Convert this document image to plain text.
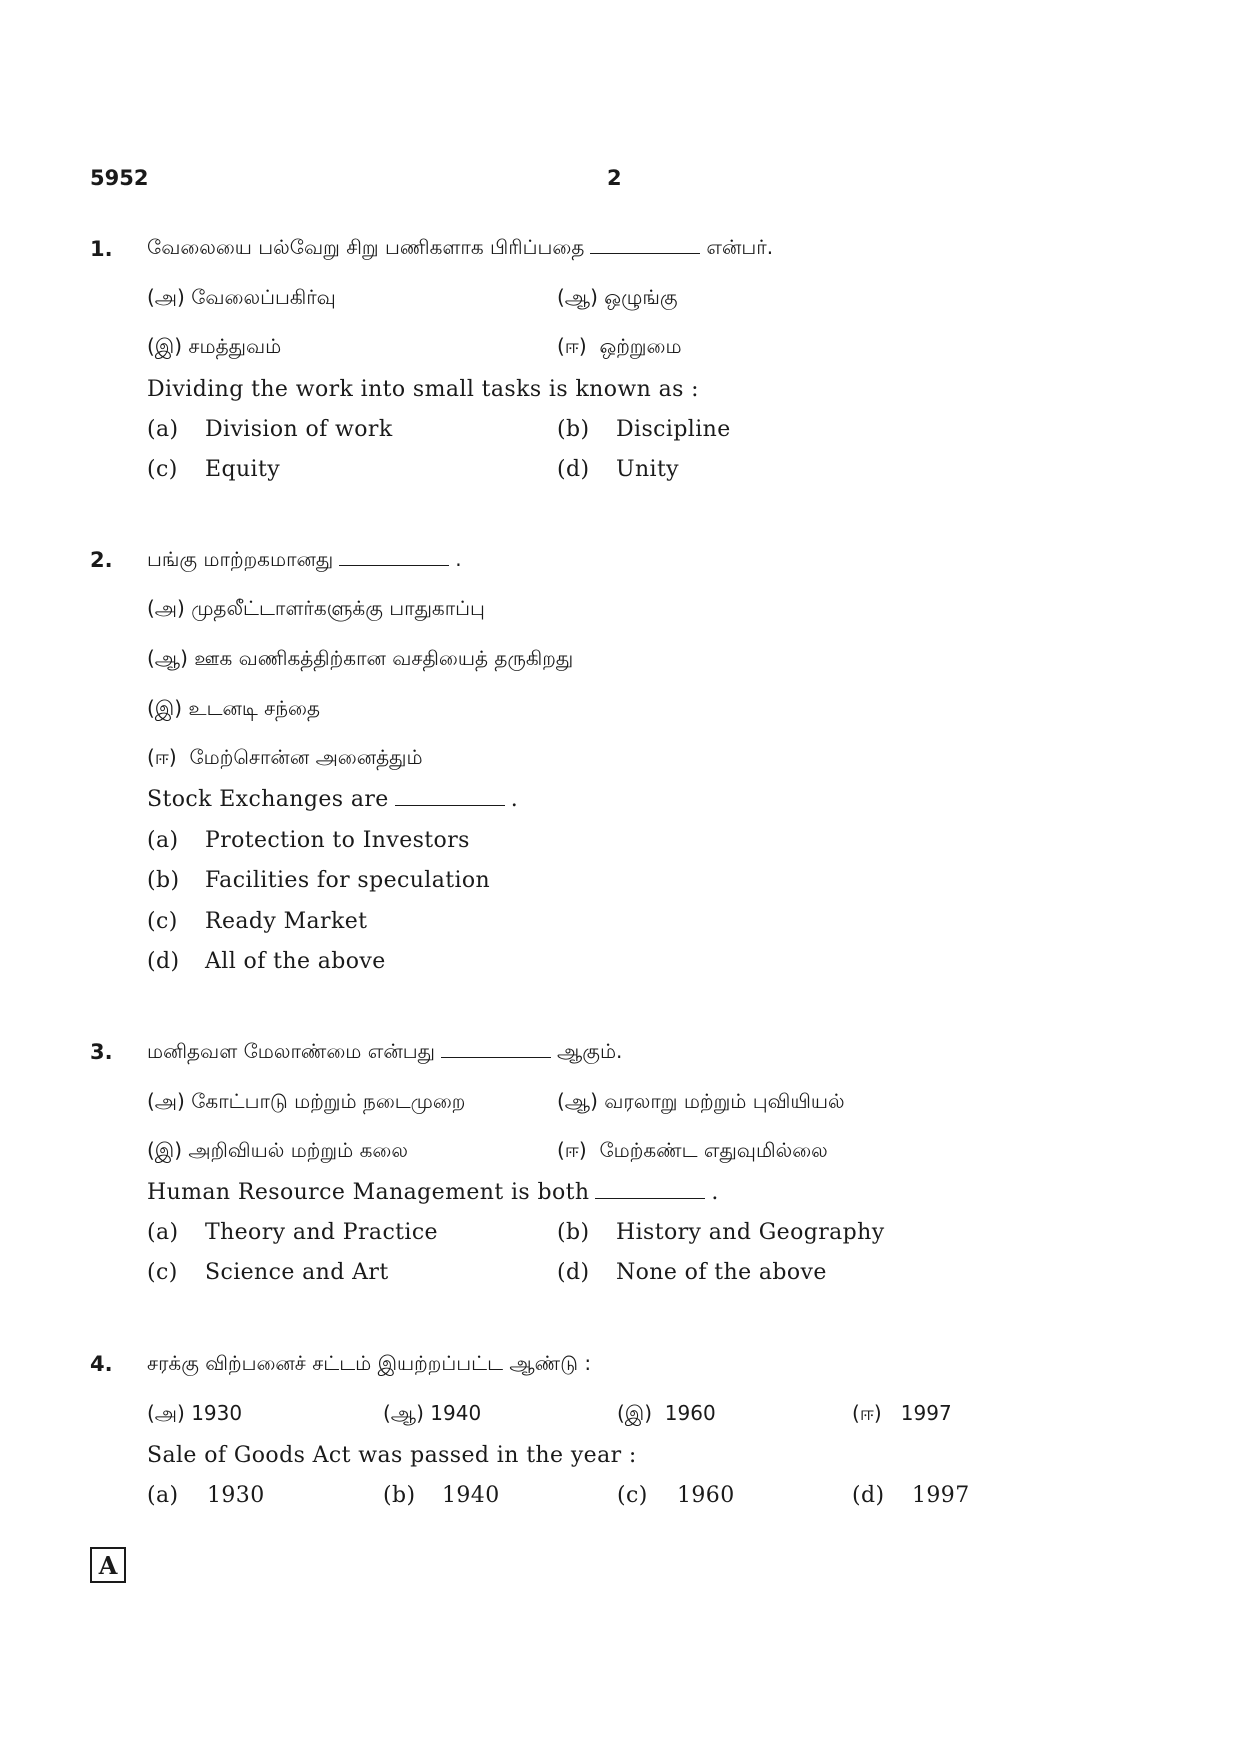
5952	2
1. வேலையை பல்வேறு சிறு பணிகளாக பிரிப்பதை	என்பர்.
(அ) வேலைப்பகிர்வு	(ஆ) ஒழுங்கு
(இ) சமத்துவம்	(ஈ) ஒற்றுமை
Dividing the work into small tasks is known as :
(a) Division of work	(b) Discipline
(c) Equity	(d) Unity
2. பங்கு மாற்றகமானது	.
(அ) முதலீட்டாளர்களுக்கு பாதுகாப்பு
(ஆ) ஊக வணிகத்திற்கான வசதியைத் தருகிறது
(இ) உடனடி சந்தை
(ஈ) மேற்சொன்ன அனைத்தும்
Stock Exchanges are	.
(a) Protection to Investors
(b) Facilities for speculation
(c) Ready Market
(d) All of the above
3. மனிதவள மேலாண்மை என்பது	ஆகும்.
(அ) கோட்பாடு மற்றும் நடைமுறை	(ஆ) வரலாறு மற்றும் புவியியல்
(இ) அறிவியல் மற்றும் கலை	(ஈ) மேற்கண்ட எதுவுமில்லை
Human Resource Management is both	.
(a) Theory and Practice	(b) History and Geography
(c) Science and Art	(d) None of the above
4. சரக்கு விற்பனைச் சட்டம் இயற்றப்பட்ட ஆண்டு :
(அ) 1930	(ஆ) 1940	(இ) 1960	(ஈ) 1997
Sale of Goods Act was passed in the year :
(a) 1930	(b) 1940	(c) 1960	(d) 1997
A
